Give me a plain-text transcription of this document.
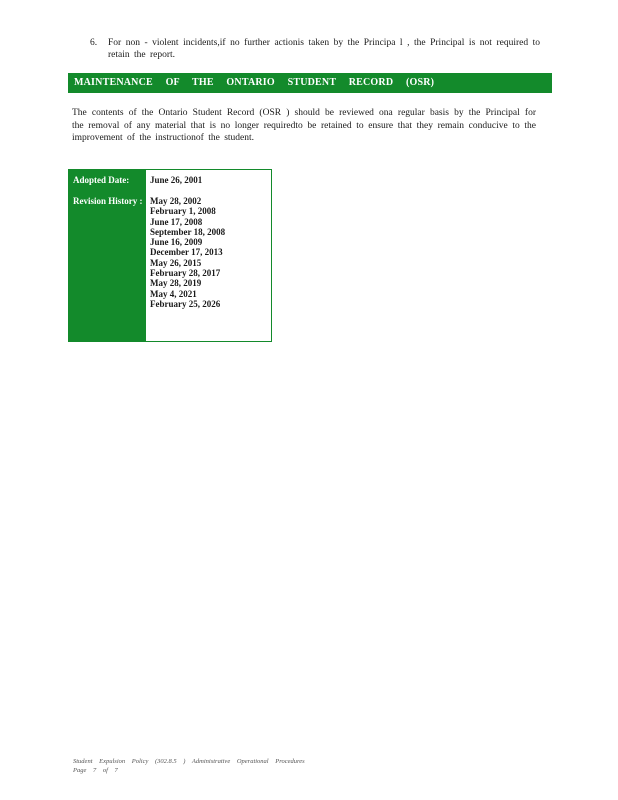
6. For non - violent incidents,if no further actionis taken by the Principa l , the Principal is not required to retain the report.
MAINTENANCE OF THE ONTARIO STUDENT RECORD (OSR)
The contents of the Ontario Student Record (OSR ) should be reviewed ona regular basis by the Principal for the removal of any material that is no longer requiredto be retained to ensure that they remain conducive to the improvement of the instructionof the student.
Adopted Date:
Revision History :
June 26, 2001
May 28, 2002
February 1, 2008
June 17, 2008
September 18, 2008
June 16, 2009
December 17, 2013
May 26, 2015
February 28, 2017
May 28, 2019
May 4, 2021
February 25, 2026
Student Expulsion Policy (302.8.5 ) Administrative Operational Procedures
Page 7 of 7
